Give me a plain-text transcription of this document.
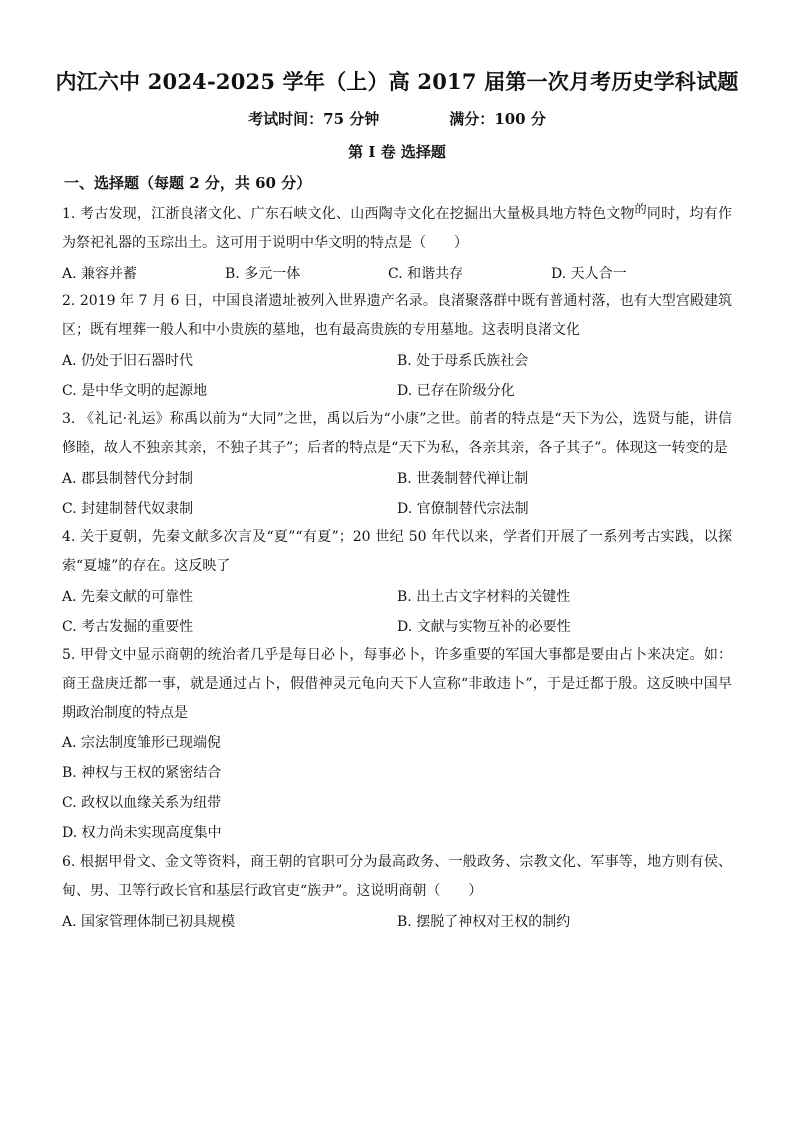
内江六中 2024-2025 学年（上）高 2017 届第一次月考历史学科试题
考试时间：75 分钟	满分：100 分
第 I 卷 选择题
一、选择题（每题 2 分，共 60 分）

1. 考古发现，江浙良渚文化、广东石峡文化、山西陶寺文化在挖掘出大量极具地方特色文物的同时，均有作为祭祀礼器的玉琮出土。这可用于说明中华文明的特点是（　　）

A. 兼容并蓄	B. 多元一体	C. 和谐共存	D. 天人合一

2. 2019 年 7 月 6 日，中国良渚遗址被列入世界遗产名录。良渚聚落群中既有普通村落，也有大型宫殿建筑区；既有埋葬一般人和中小贵族的墓地，也有最高贵族的专用墓地。这表明良渚文化

A. 仍处于旧石器时代	B. 处于母系氏族社会
C. 是中华文明的起源地	D. 已存在阶级分化

3. 《礼记·礼运》称禹以前为“大同”之世，禹以后为“小康”之世。前者的特点是“天下为公，选贤与能，讲信修睦，故人不独亲其亲，不独子其子”；后者的特点是“天下为私，各亲其亲，各子其子”。体现这一转变的是

A. 郡县制替代分封制	B. 世袭制替代禅让制
C. 封建制替代奴隶制	D. 官僚制替代宗法制

4. 关于夏朝，先秦文献多次言及“夏”“有夏”；20 世纪 50 年代以来，学者们开展了一系列考古实践，以探索“夏墟”的存在。这反映了

A. 先秦文献的可靠性	B. 出土古文字材料的关键性
C. 考古发掘的重要性	D. 文献与实物互补的必要性

5. 甲骨文中显示商朝的统治者几乎是每日必卜，每事必卜，许多重要的军国大事都是要由占卜来决定。如：商王盘庚迁都一事，就是通过占卜，假借神灵元龟向天下人宣称“非敢违卜”，于是迁都于殷。这反映中国早期政治制度的特点是

A. 宗法制度雏形已现端倪
B. 神权与王权的紧密结合
C. 政权以血缘关系为纽带
D. 权力尚未实现高度集中

6. 根据甲骨文、金文等资料，商王朝的官职可分为最高政务、一般政务、宗教文化、军事等，地方则有侯、甸、男、卫等行政长官和基层行政官吏“族尹”。这说明商朝（　　）

A. 国家管理体制已初具规模	B. 摆脱了神权对王权的制约
